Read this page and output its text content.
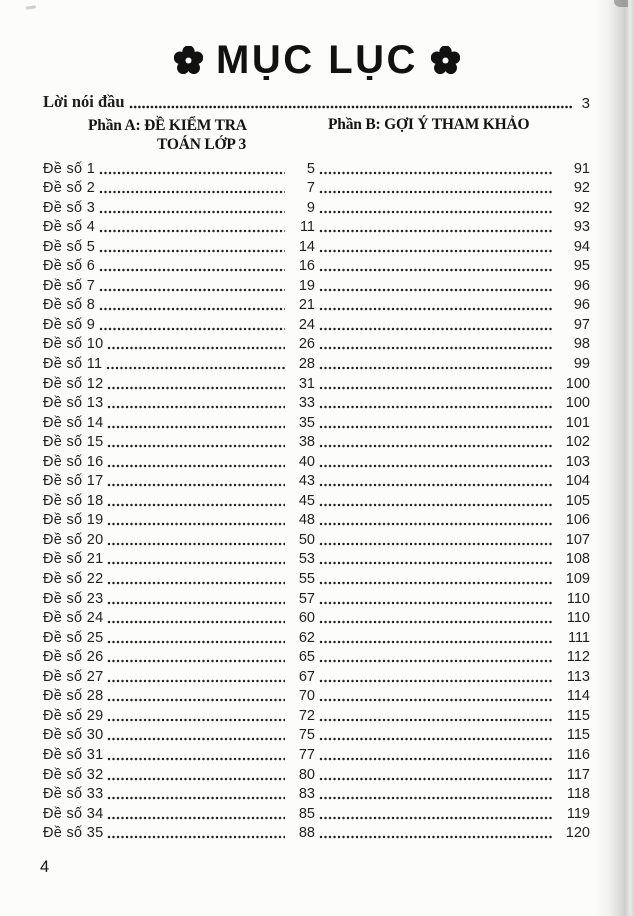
MỤC LỤC
Lời nói đầu	3
Phần A: ĐỀ KIỂM TRA
TOÁN LỚP 3
Phần B: GỢI Ý THAM KHẢO
Đề số 1	5	91
Đề số 2	7	92
Đề số 3	9	92
Đề số 4	11	93
Đề số 5	14	94
Đề số 6	16	95
Đề số 7	19	96
Đề số 8	21	96
Đề số 9	24	97
Đề số 10	26	98
Đề số 11	28	99
Đề số 12	31	100
Đề số 13	33	100
Đề số 14	35	101
Đề số 15	38	102
Đề số 16	40	103
Đề số 17	43	104
Đề số 18	45	105
Đề số 19	48	106
Đề số 20	50	107
Đề số 21	53	108
Đề số 22	55	109
Đề số 23	57	110
Đề số 24	60	110
Đề số 25	62	111
Đề số 26	65	112
Đề số 27	67	113
Đề số 28	70	114
Đề số 29	72	115
Đề số 30	75	115
Đề số 31	77	116
Đề số 32	80	117
Đề số 33	83	118
Đề số 34	85	119
Đề số 35	88	120
4
